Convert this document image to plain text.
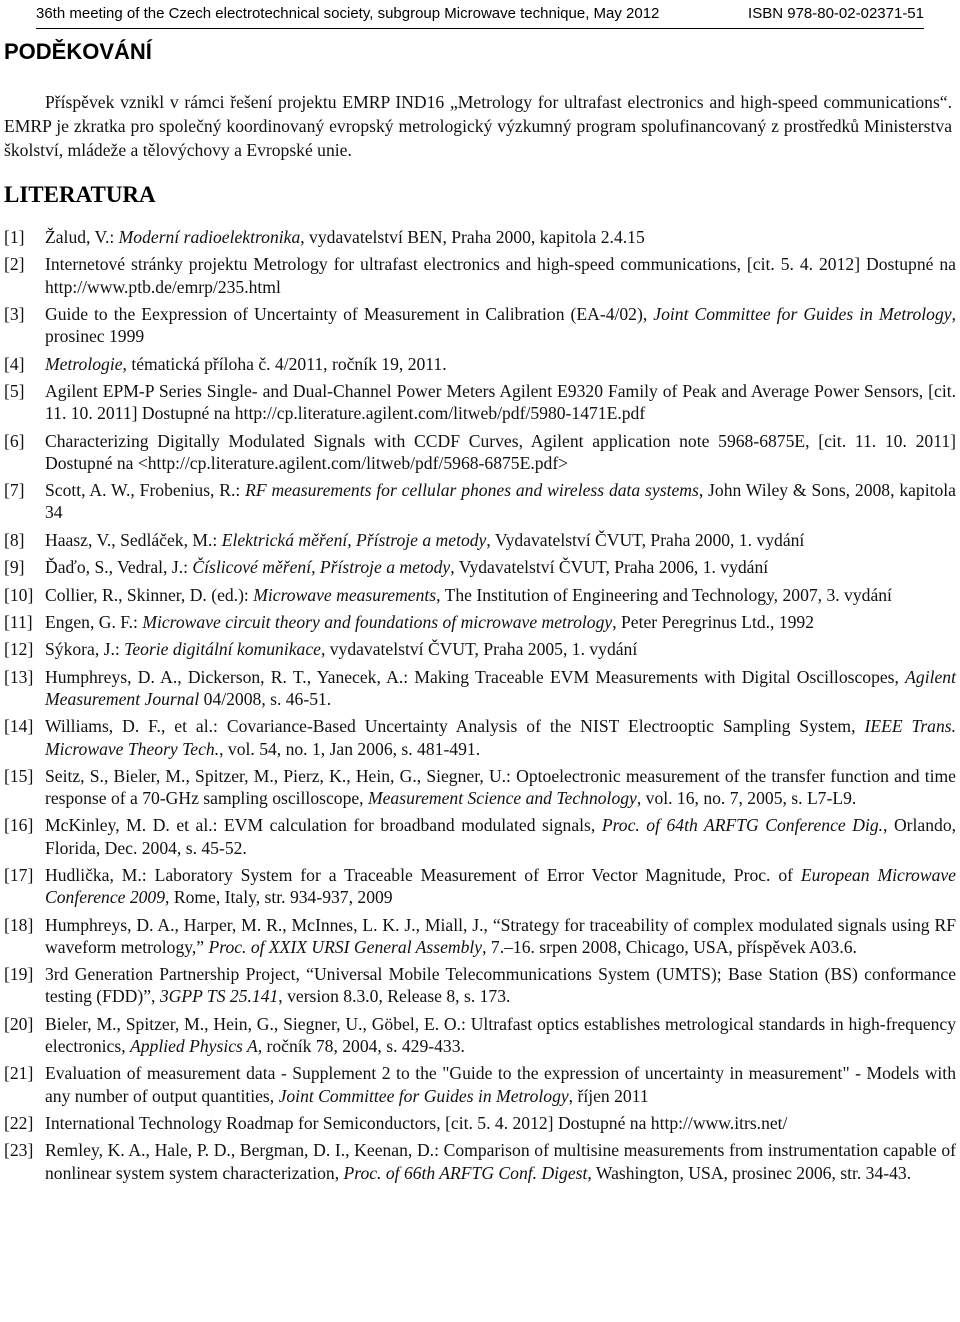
36th meeting of the Czech electrotechnical society, subgroup Microwave technique, May 2012	ISBN 978-80-02-02371-51
PODĚKOVÁNÍ

Příspěvek vznikl v rámci řešení projektu EMRP IND16 „Metrology for ultrafast electronics and high-speed communications“. EMRP je zkratka pro společný koordinovaný evropský metrologický výzkumný program spolufinancovaný z prostředků Ministerstva školství, mládeže a tělovýchovy a Evropské unie.

LITERATURA
[1] Žalud, V.: Moderní radioelektronika, vydavatelství BEN, Praha 2000, kapitola 2.4.15
[2] Internetové stránky projektu Metrology for ultrafast electronics and high-speed communications, [cit. 5. 4. 2012] Dostupné na http://www.ptb.de/emrp/235.html
[3] Guide to the Eexpression of Uncertainty of Measurement in Calibration (EA-4/02), Joint Committee for Guides in Metrology, prosinec 1999
[4] Metrologie, tématická příloha č. 4/2011, ročník 19, 2011.
[5] Agilent EPM-P Series Single- and Dual-Channel Power Meters Agilent E9320 Family of Peak and Average Power Sensors, [cit. 11. 10. 2011] Dostupné na http://cp.literature.agilent.com/litweb/pdf/5980-1471E.pdf
[6] Characterizing Digitally Modulated Signals with CCDF Curves, Agilent application note 5968-6875E, [cit. 11. 10. 2011] Dostupné na <http://cp.literature.agilent.com/litweb/pdf/5968-6875E.pdf>
[7] Scott, A. W., Frobenius, R.: RF measurements for cellular phones and wireless data systems, John Wiley & Sons, 2008, kapitola 34
[8] Haasz, V., Sedláček, M.: Elektrická měření, Přístroje a metody, Vydavatelství ČVUT, Praha 2000, 1. vydání
[9] Ďaďo, S., Vedral, J.: Číslicové měření, Přístroje a metody, Vydavatelství ČVUT, Praha 2006, 1. vydání
[10] Collier, R., Skinner, D. (ed.): Microwave measurements, The Institution of Engineering and Technology, 2007, 3. vydání
[11] Engen, G. F.: Microwave circuit theory and foundations of microwave metrology, Peter Peregrinus Ltd., 1992
[12] Sýkora, J.: Teorie digitální komunikace, vydavatelství ČVUT, Praha 2005, 1. vydání
[13] Humphreys, D. A., Dickerson, R. T., Yanecek, A.: Making Traceable EVM Measurements with Digital Oscilloscopes, Agilent Measurement Journal 04/2008, s. 46-51.
[14] Williams, D. F., et al.: Covariance-Based Uncertainty Analysis of the NIST Electrooptic Sampling System, IEEE Trans. Microwave Theory Tech., vol. 54, no. 1, Jan 2006, s. 481-491.
[15] Seitz, S., Bieler, M., Spitzer, M., Pierz, K., Hein, G., Siegner, U.: Optoelectronic measurement of the transfer function and time response of a 70-GHz sampling oscilloscope, Measurement Science and Technology, vol. 16, no. 7, 2005, s. L7-L9.
[16] McKinley, M. D. et al.: EVM calculation for broadband modulated signals, Proc. of 64th ARFTG Conference Dig., Orlando, Florida, Dec. 2004, s. 45-52.
[17] Hudlička, M.: Laboratory System for a Traceable Measurement of Error Vector Magnitude, Proc. of European Microwave Conference 2009, Rome, Italy, str. 934-937, 2009
[18] Humphreys, D. A., Harper, M. R., McInnes, L. K. J., Miall, J., “Strategy for traceability of complex modulated signals using RF waveform metrology,” Proc. of XXIX URSI General Assembly, 7.–16. srpen 2008, Chicago, USA, příspěvek A03.6.
[19] 3rd Generation Partnership Project, “Universal Mobile Telecommunications System (UMTS); Base Station (BS) conformance testing (FDD)”, 3GPP TS 25.141, version 8.3.0, Release 8, s. 173.
[20] Bieler, M., Spitzer, M., Hein, G., Siegner, U., Göbel, E. O.: Ultrafast optics establishes metrological standards in high-frequency electronics, Applied Physics A, ročník 78, 2004, s. 429-433.
[21] Evaluation of measurement data - Supplement 2 to the "Guide to the expression of uncertainty in measurement" - Models with any number of output quantities, Joint Committee for Guides in Metrology, říjen 2011
[22] International Technology Roadmap for Semiconductors, [cit. 5. 4. 2012] Dostupné na http://www.itrs.net/
[23] Remley, K. A., Hale, P. D., Bergman, D. I., Keenan, D.: Comparison of multisine measurements from instrumentation capable of nonlinear system system characterization, Proc. of 66th ARFTG Conf. Digest, Washington, USA, prosinec 2006, str. 34-43.
